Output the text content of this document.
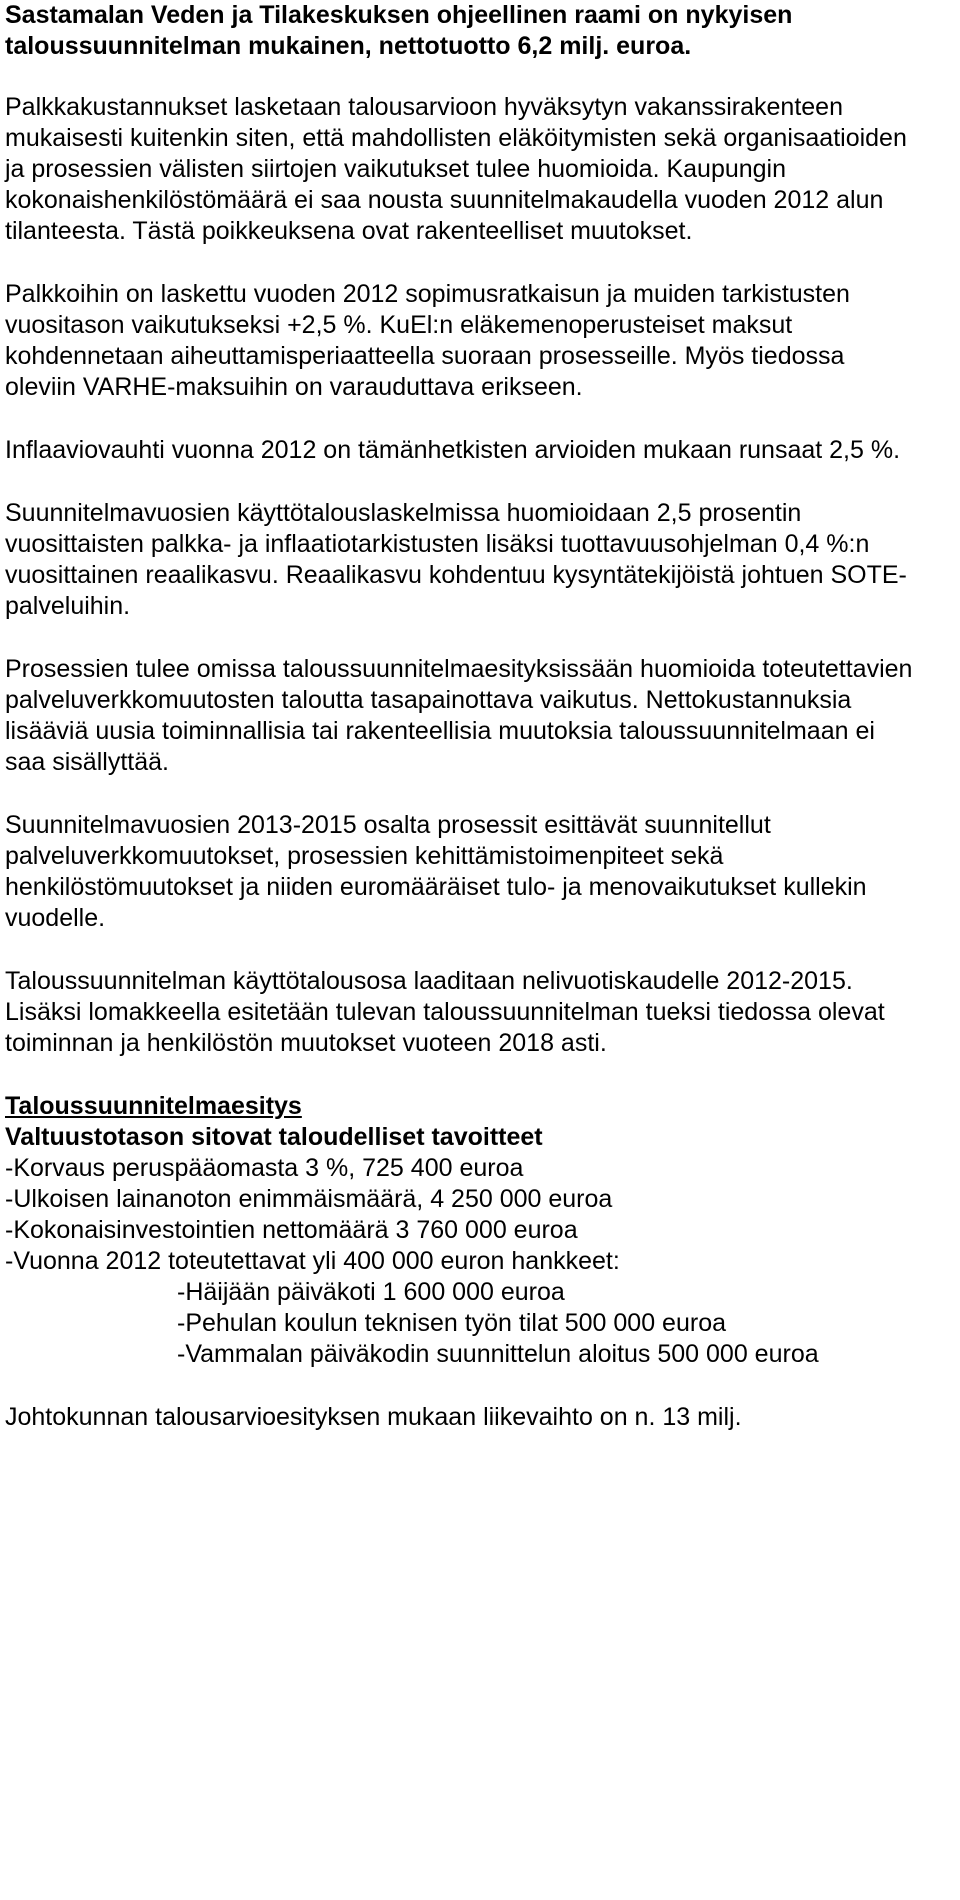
Sastamalan Veden ja Tilakeskuksen ohjeellinen raami on nykyisen taloussuunnitelman mukainen, nettotuotto 6,2 milj. euroa.

Palkkakustannukset lasketaan talousarvioon hyväksytyn vakanssirakenteen mukaisesti kuitenkin siten, että mahdollisten eläköitymisten sekä organisaatioiden ja prosessien välisten siirtojen vaikutukset tulee huomioida. Kaupungin kokonaishenkilöstömäärä ei saa nousta suunnitelmakaudella vuoden 2012 alun tilanteesta. Tästä poikkeuksena ovat rakenteelliset muutokset.

Palkkoihin on laskettu vuoden 2012 sopimusratkaisun ja muiden tarkistusten vuositason vaikutukseksi +2,5 %. KuEl:n eläkemenoperusteiset maksut kohdennetaan aiheuttamisperiaatteella suoraan prosesseille. Myös tiedossa oleviin VARHE-maksuihin on varauduttava erikseen.

Inflaaviovauhti vuonna 2012 on tämänhetkisten arvioiden mukaan runsaat 2,5 %.

Suunnitelmavuosien käyttötalouslaskelmissa huomioidaan 2,5 prosentin vuosittaisten palkka- ja inflaatiotarkistusten lisäksi tuottavuusohjelman 0,4 %:n vuosittainen reaalikasvu. Reaalikasvu kohdentuu kysyntätekijöistä johtuen SOTE-palveluihin.

Prosessien tulee omissa taloussuunnitelmaesityksissään huomioida toteutettavien palveluverkkomuutosten taloutta tasapainottava vaikutus. Nettokustannuksia lisääviä uusia toiminnallisia tai rakenteellisia muutoksia taloussuunnitelmaan ei saa sisällyttää.

Suunnitelmavuosien 2013-2015 osalta prosessit esittävät suunnitellut palveluverkkomuutokset, prosessien kehittämistoimenpiteet sekä henkilöstömuutokset ja niiden euromääräiset tulo- ja menovaikutukset kullekin vuodelle.

Taloussuunnitelman käyttötalousosa laaditaan nelivuotiskaudelle 2012-2015. Lisäksi lomakkeella esitetään tulevan taloussuunnitelman tueksi tiedossa olevat toiminnan ja henkilöstön muutokset vuoteen 2018 asti.

Taloussuunnitelmaesitys

Valtuustotason sitovat taloudelliset tavoitteet

-Korvaus peruspääomasta 3 %, 725 400 euroa

-Ulkoisen lainanoton enimmäismäärä, 4 250 000 euroa

-Kokonaisinvestointien nettomäärä 3 760 000 euroa

-Vuonna 2012 toteutettavat yli 400 000 euron hankkeet:

-Häijään päiväkoti 1 600 000 euroa

-Pehulan koulun teknisen työn tilat 500 000 euroa

-Vammalan päiväkodin suunnittelun aloitus 500 000 euroa

Johtokunnan talousarvioesityksen mukaan liikevaihto on n. 13 milj.
